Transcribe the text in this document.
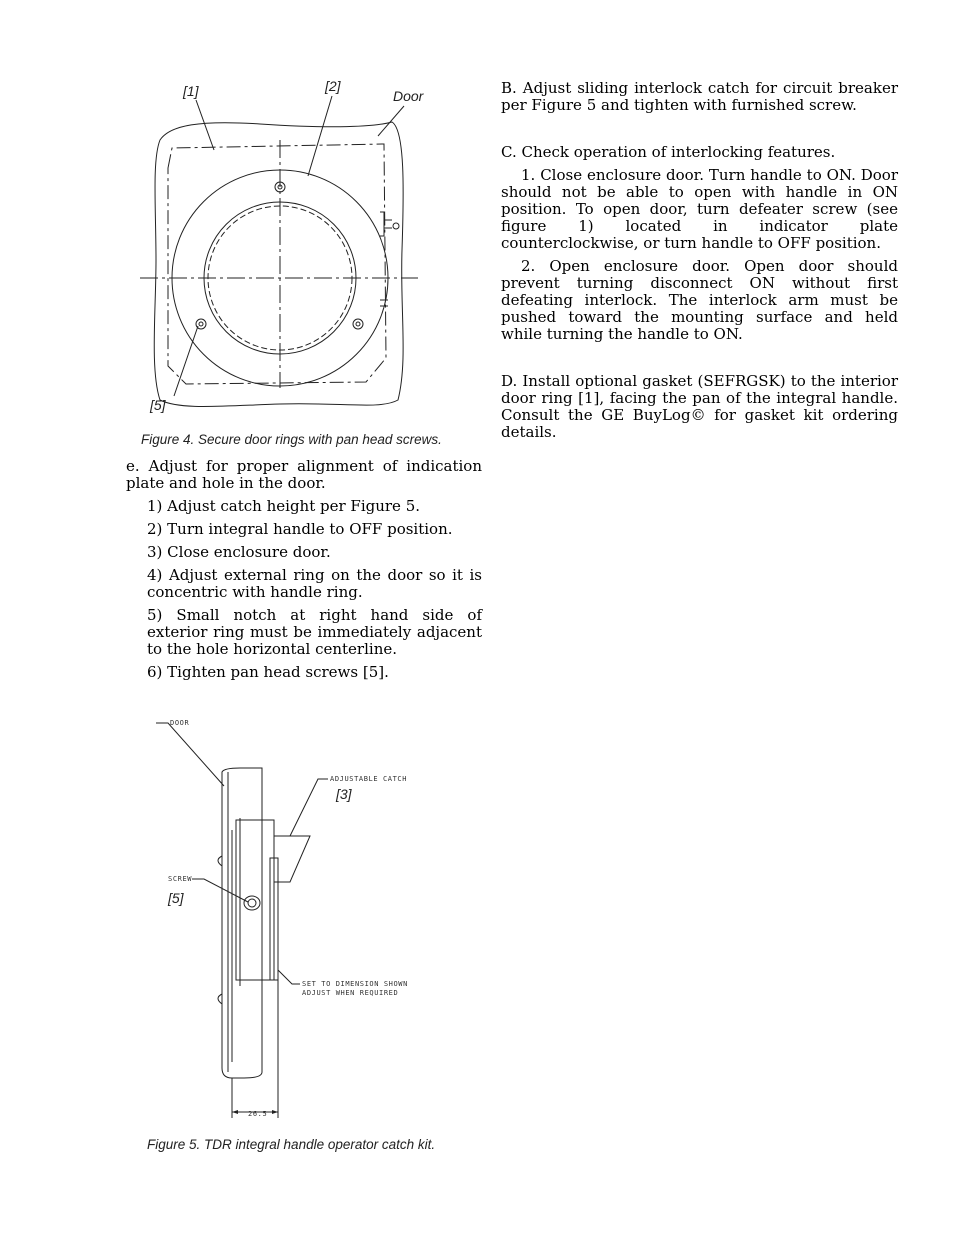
[1]	[2]
Door
[5]
Figure 4. Secure door rings with pan head screws.

e. Adjust for proper alignment of indication plate and hole in the door.

1) Adjust catch height per Figure 5.

2) Turn integral handle to OFF position.

3) Close enclosure door.

4) Adjust external ring on the door so it is concentric with handle ring.

5) Small notch at right hand side of exterior ring must be immediately adjacent to the hole horizontal centerline.

6) Tighten pan head screws [5].

DOOR
ADJUSTABLE CATCH
[3]
SCREW
[5]
SET TO DIMENSION SHOWN
ADJUST WHEN REQUIRED
26.5
Figure 5. TDR integral handle operator catch kit.

B. Adjust sliding interlock catch for circuit breaker per Figure 5 and tighten with furnished screw.

C. Check operation of interlocking features.

1. Close enclosure door. Turn handle to ON. Door should not be able to open with handle in ON position. To open door, turn defeater screw (see figure 1) located in indicator plate counterclockwise, or turn handle to OFF position.

2. Open enclosure door. Open door should prevent turning disconnect ON without first defeating interlock. The interlock arm must be pushed toward the mounting surface and held while turning the handle to ON.

D. Install optional gasket (SEFRGSK) to the interior door ring [1], facing the pan of the integral handle. Consult the GE BuyLog© for gasket kit ordering details.
